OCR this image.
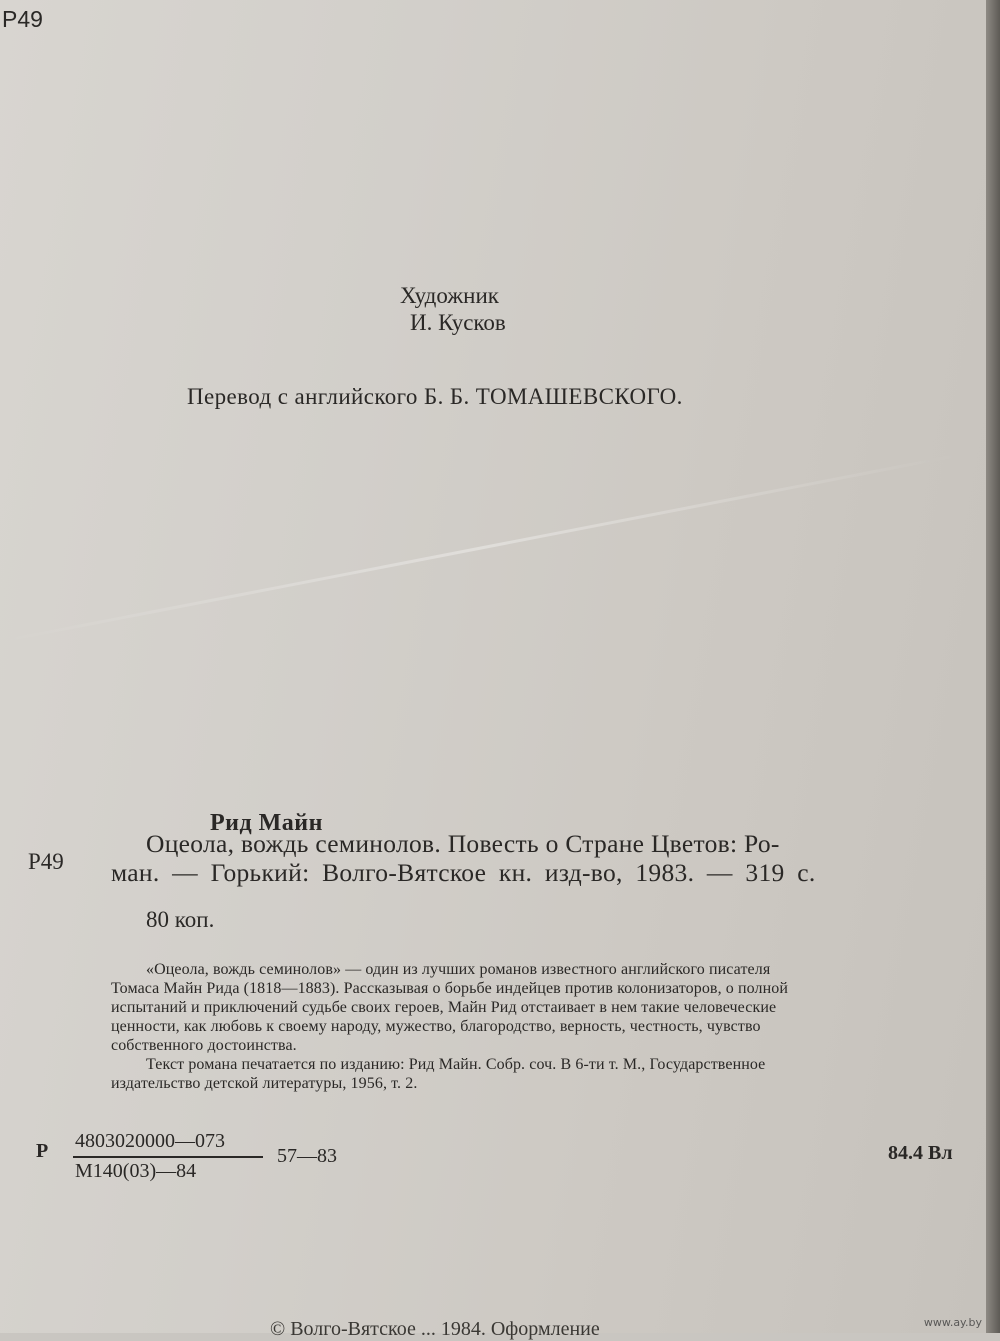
Р49
Художник
И. Кусков
Перевод с английского Б. Б. ТОМАШЕВСКОГО.
Рид Майн
Р49
Оцеола, вождь семинолов. Повесть о Стране Цветов: Ро-
ман. — Горький: Волго-Вятское кн. изд-во, 1983. — 319 с.
80 коп.
«Оцеола, вождь семинолов» — один из лучших романов известного английского писателя
Томаса Майн Рида (1818—1883). Рассказывая о борьбе индейцев против колонизаторов, о полной
испытаний и приключений судьбе своих героев, Майн Рид отстаивает в нем такие человеческие
ценности, как любовь к своему народу, мужество, благородство, верность, честность, чувство
собственного достоинства.
Текст романа печатается по изданию: Рид Майн. Собр. соч. В 6-ти т. М., Государственное
издательство детской литературы, 1956, т. 2.
Р 4803020000—073
М140(03)—84
57—83	84.4 Вл
© Волго-Вятское ... 1984. Оформление	www.ay.by
